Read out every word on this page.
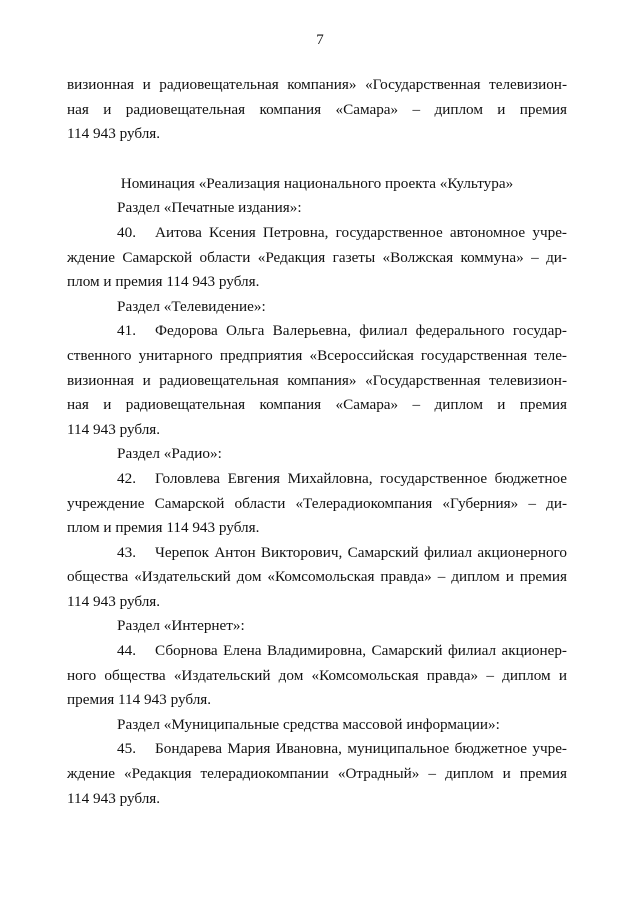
7
визионная и радиовещательная компания» «Государственная телевизион-
ная и радиовещательная компания «Самара» – диплом и премия
114 943 рубля.
Номинация «Реализация национального проекта «Культура»
Раздел «Печатные издания»:
40. Аитова Ксения Петровна, государственное автономное учре-
ждение Самарской области «Редакция газеты «Волжская коммуна» – ди-
плом и премия 114 943 рубля.
Раздел «Телевидение»:
41. Федорова Ольга Валерьевна, филиал федерального государ-
ственного унитарного предприятия «Всероссийская государственная теле-
визионная и радиовещательная компания» «Государственная телевизион-
ная и радиовещательная компания «Самара» – диплом и премия
114 943 рубля.
Раздел «Радио»:
42. Головлева Евгения Михайловна, государственное бюджетное
учреждение Самарской области «Телерадиокомпания «Губерния» – ди-
плом и премия 114 943 рубля.
43. Черепок Антон Викторович, Самарский филиал акционерного
общества «Издательский дом «Комсомольская правда» – диплом и премия
114 943 рубля.
Раздел «Интернет»:
44. Сборнова Елена Владимировна, Самарский филиал акционер-
ного общества «Издательский дом «Комсомольская правда» – диплом и
премия 114 943 рубля.
Раздел «Муниципальные средства массовой информации»:
45. Бондарева Мария Ивановна, муниципальное бюджетное учре-
ждение «Редакция телерадиокомпании «Отрадный» – диплом и премия
114 943 рубля.
